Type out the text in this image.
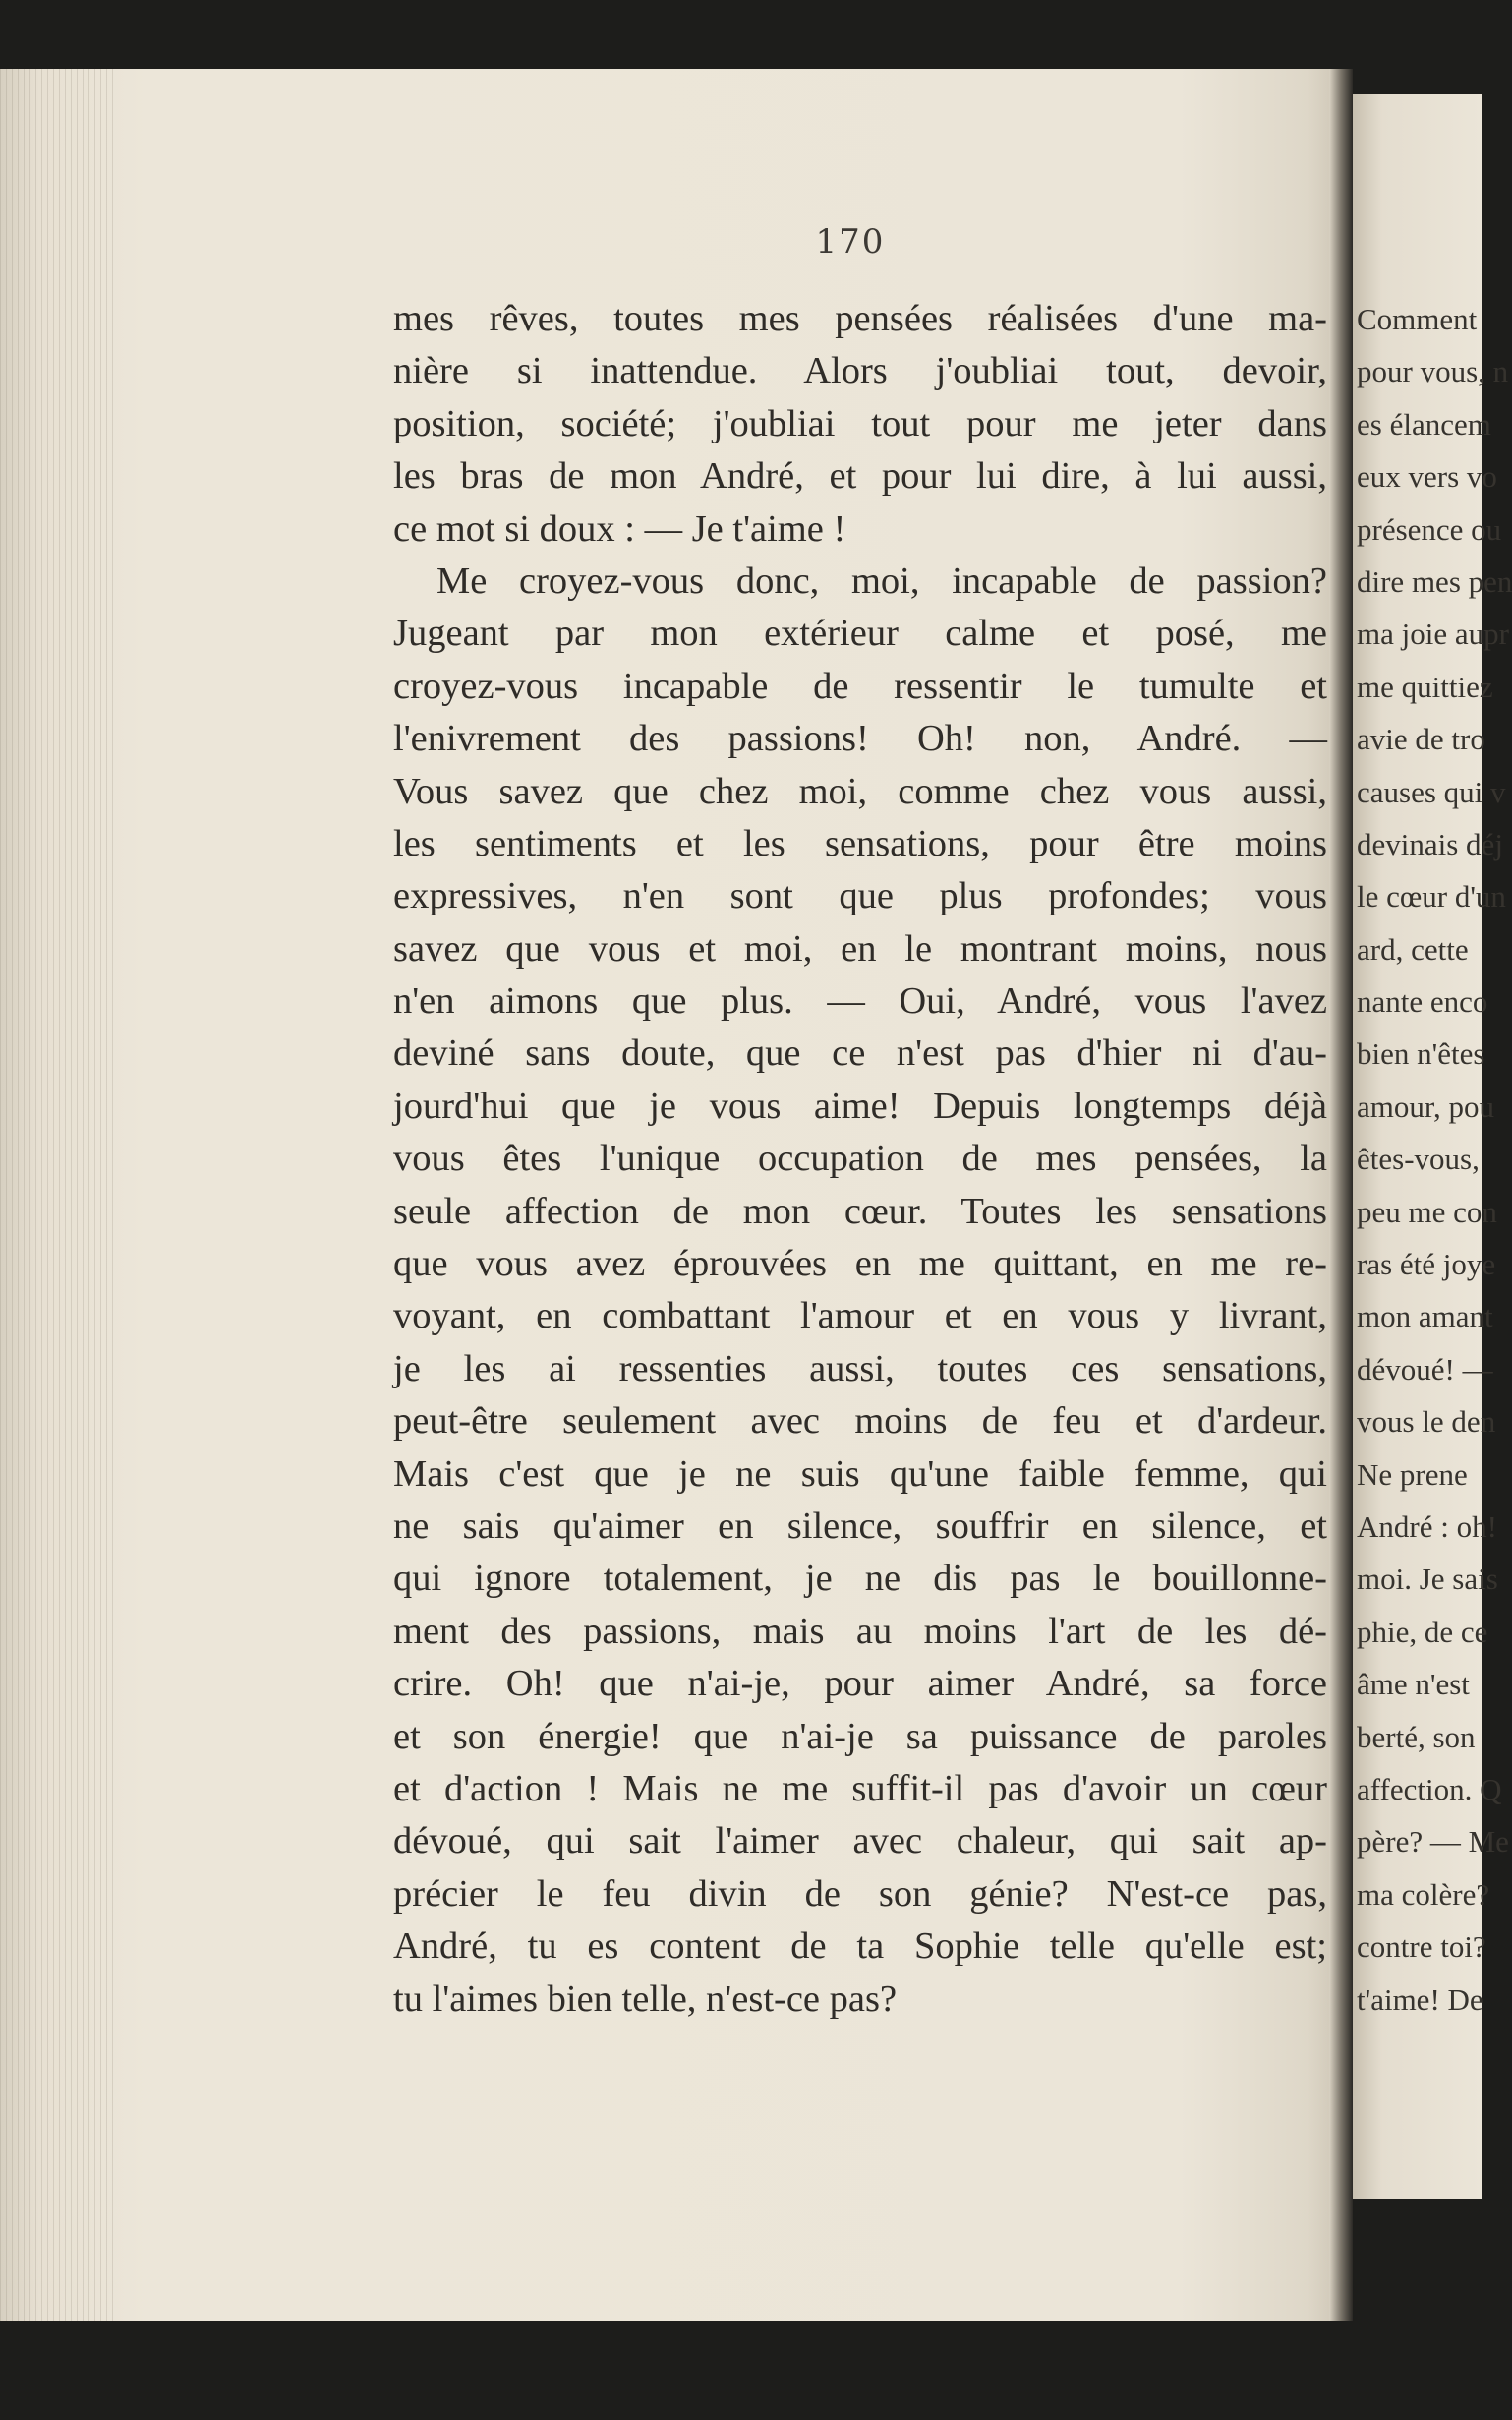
170
mes rêves, toutes mes pensées réalisées d'une ma-
nière si inattendue. Alors j'oubliai tout, devoir,
position, société; j'oubliai tout pour me jeter dans
les bras de mon André, et pour lui dire, à lui aussi,
ce mot si doux : — Je t'aime !
Me croyez-vous donc, moi, incapable de passion?
Jugeant par mon extérieur calme et posé, me
croyez-vous incapable de ressentir le tumulte et
l'enivrement des passions! Oh! non, André. —
Vous savez que chez moi, comme chez vous aussi,
les sentiments et les sensations, pour être moins
expressives, n'en sont que plus profondes; vous
savez que vous et moi, en le montrant moins, nous
n'en aimons que plus. — Oui, André, vous l'avez
deviné sans doute, que ce n'est pas d'hier ni d'au-
jourd'hui que je vous aime! Depuis longtemps déjà
vous êtes l'unique occupation de mes pensées, la
seule affection de mon cœur. Toutes les sensations
que vous avez éprouvées en me quittant, en me re-
voyant, en combattant l'amour et en vous y livrant,
je les ai ressenties aussi, toutes ces sensations,
peut-être seulement avec moins de feu et d'ardeur.
Mais c'est que je ne suis qu'une faible femme, qui
ne sais qu'aimer en silence, souffrir en silence, et
qui ignore totalement, je ne dis pas le bouillonne-
ment des passions, mais au moins l'art de les dé-
crire. Oh! que n'ai-je, pour aimer André, sa force
et son énergie! que n'ai-je sa puissance de paroles
et d'action ! Mais ne me suffit-il pas d'avoir un cœur
dévoué, qui sait l'aimer avec chaleur, qui sait ap-
précier le feu divin de son génie? N'est-ce pas,
André, tu es content de ta Sophie telle qu'elle est;
tu l'aimes bien telle, n'est-ce pas?
Comment
pour vous, n
es élancem
eux vers vo
présence ou
dire mes pen
ma joie aupr
me quittiez
avie de tro
causes qui v
devinais déj
le cœur d'un
ard, cette
nante enco
bien n'êtes
amour, pou
êtes-vous,
peu me con
ras été joye
mon amant
dévoué! —
vous le den
Ne prene
André : oh!
moi. Je sais
phie, de ce
âme n'est
berté, son
affection. Q
père? — Me
ma colère?
contre toi?
t'aime! De
